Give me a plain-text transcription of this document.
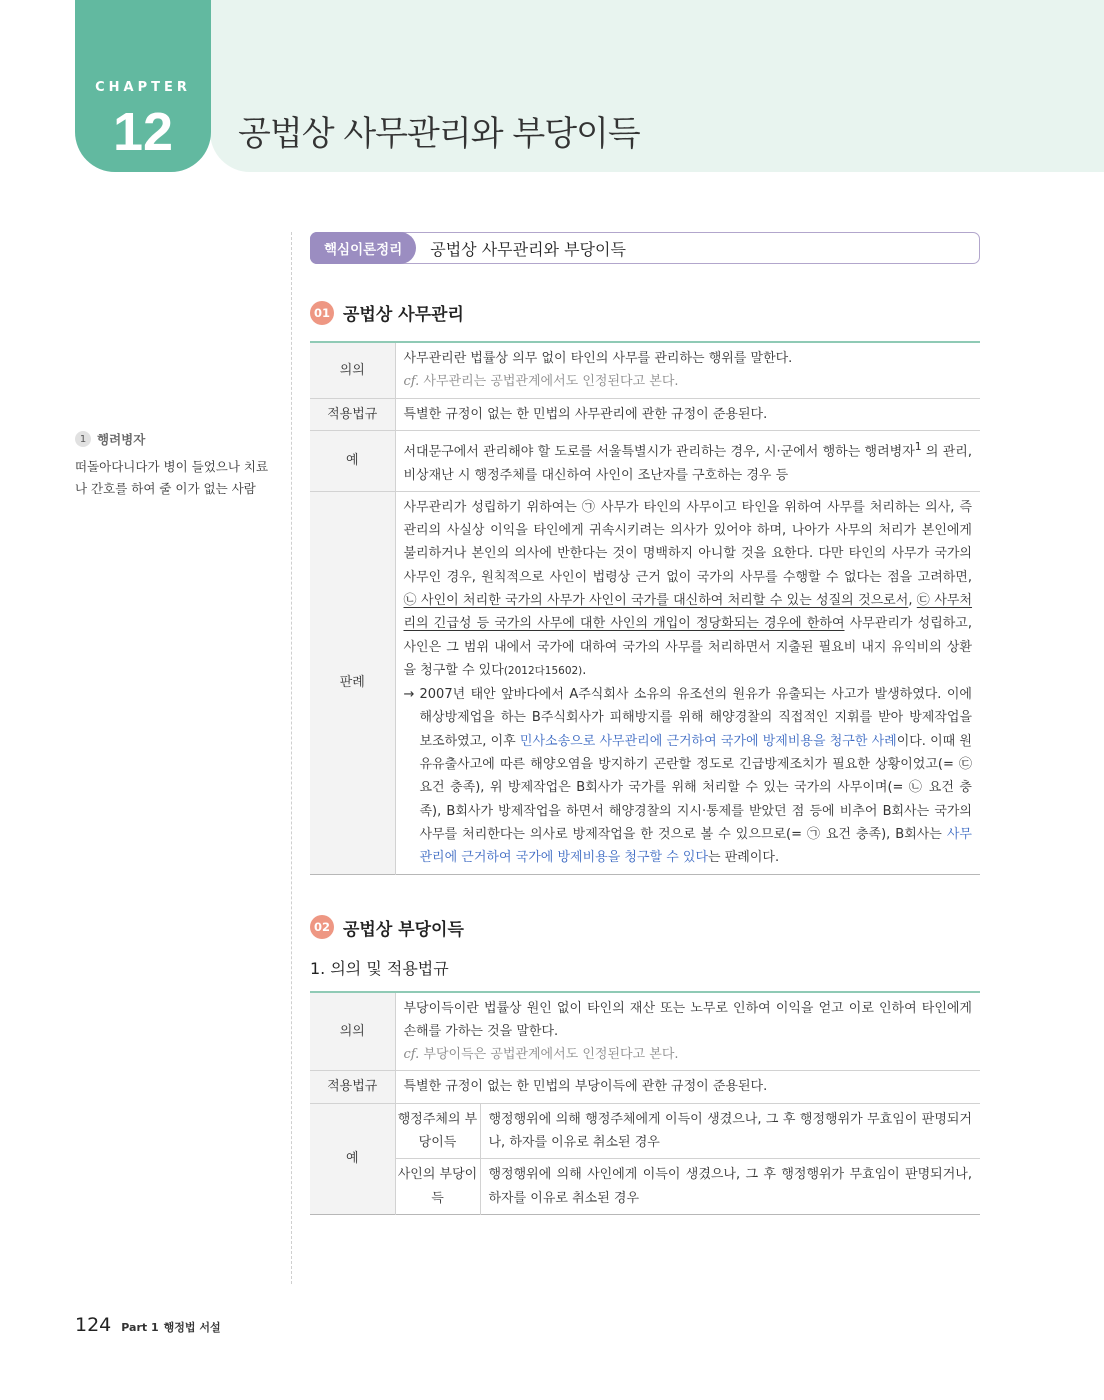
CHAPTER
12	공법상 사무관리와 부당이득
1 행려병자
떠돌아다니다가 병이 들었으나 치료나 간호를 하여 줄 이가 없는 사람
핵심이론정리	공법상 사무관리와 부당이득
01 공법상 사무관리
의의	사무관리란 법률상 의무 없이 타인의 사무를 관리하는 행위를 말한다.
cf. 사무관리는 공법관계에서도 인정된다고 본다.

적용법규	특별한 규정이 없는 한 민법의 사무관리에 관한 규정이 준용된다.
예	서대문구에서 관리해야 할 도로를 서울특별시가 관리하는 경우, 시·군에서 행하는 행려병자$^1$ 의 관리, 비상재난 시 행정주체를 대신하여 사인이 조난자를 구호하는 경우 등
판례	사무관리가 성립하기 위하여는 ㉠ 사무가 타인의 사무이고 타인을 위하여 사무를 처리하는 의사, 즉 관리의 사실상 이익을 타인에게 귀속시키려는 의사가 있어야 하며, 나아가 사무의 처리가 본인에게 불리하거나 본인의 의사에 반한다는 것이 명백하지 아니할 것을 요한다. 다만 타인의 사무가 국가의 사무인 경우, 원칙적으로 사인이 법령상 근거 없이 국가의 사무를 수행할 수 없다는 점을 고려하면, ㉡ 사인이 처리한 국가의 사무가 사인이 국가를 대신하여 처리할 수 있는 성질의 것으로서, ㉢ 사무처리의 긴급성 등 국가의 사무에 대한 사인의 개입이 정당화되는 경우에 한하여 사무관리가 성립하고, 사인은 그 범위 내에서 국가에 대하여 국가의 사무를 처리하면서 지출된 필요비 내지 유익비의 상환을 청구할 수 있다(2012다15602).
→ 2007년 태안 앞바다에서 A주식회사 소유의 유조선의 원유가 유출되는 사고가 발생하였다. 이에 해상방제업을 하는 B주식회사가 피해방지를 위해 해양경찰의 직접적인 지휘를 받아 방제작업을 보조하였고, 이후 민사소송으로 사무관리에 근거하여 국가에 방제비용을 청구한 사례이다. 이때 원유유출사고에 따른 해양오염을 방지하기 곤란할 정도로 긴급방제조치가 필요한 상황이었고(= ㉢ 요건 충족), 위 방제작업은 B회사가 국가를 위해 처리할 수 있는 국가의 사무이며(= ㉡ 요건 충족), B회사가 방제작업을 하면서 해양경찰의 지시·통제를 받았던 점 등에 비추어 B회사는 국가의 사무를 처리한다는 의사로 방제작업을 한 것으로 볼 수 있으므로(= ㉠ 요건 충족), B회사는 사무관리에 근거하여 국가에 방제비용을 청구할 수 있다는 판례이다.
02 공법상 부당이득
1. 의의 및 적용법규
의의	부당이득이란 법률상 원인 없이 타인의 재산 또는 노무로 인하여 이익을 얻고 이로 인하여 타인에게 손해를 가하는 것을 말한다.
cf. 부당이득은 공법관계에서도 인정된다고 본다.	

적용법규	특별한 규정이 없는 한 민법의 부당이득에 관한 규정이 준용된다.	
예	행정주체의 부당이득	행정행위에 의해 행정주체에게 이득이 생겼으나, 그 후 행정행위가 무효임이 판명되거나, 하자를 이유로 취소된 경우
	사인의 부당이득	행정행위에 의해 사인에게 이득이 생겼으나, 그 후 행정행위가 무효임이 판명되거나, 하자를 이유로 취소된 경우
124 Part 1 행정법 서설
